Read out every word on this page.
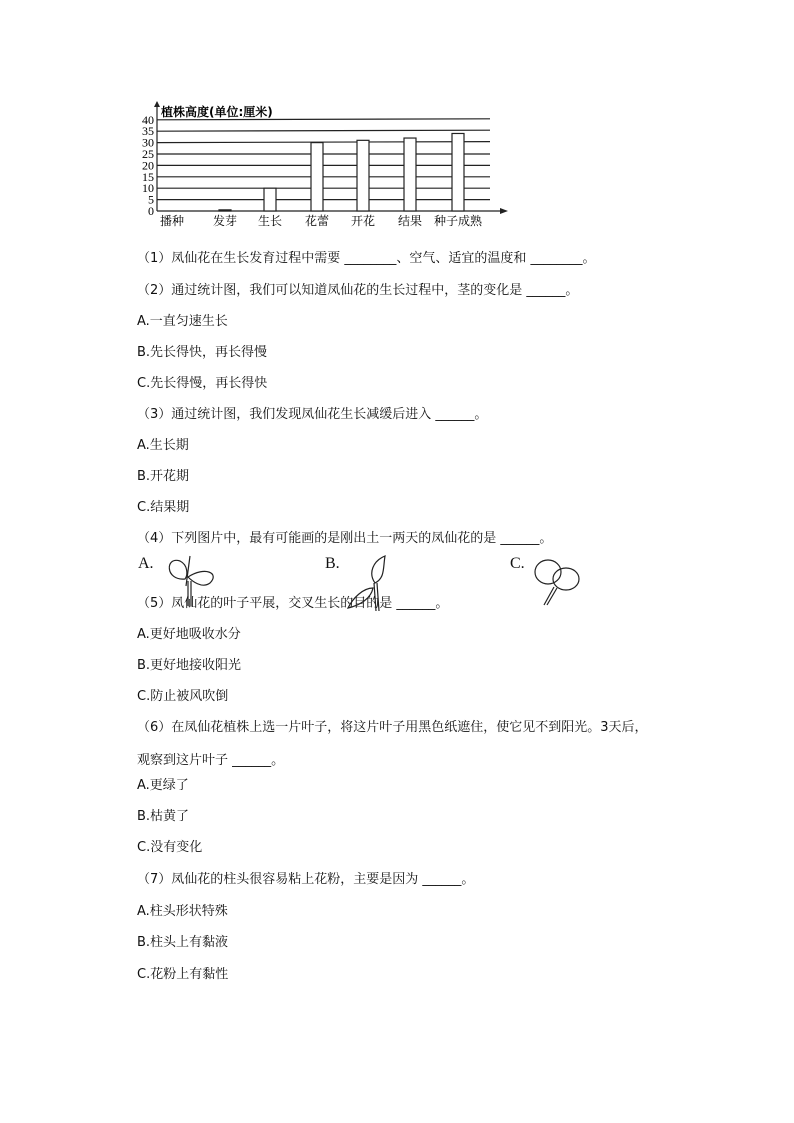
0
5
10
15
20
25
30
35
40
植株高度(单位:厘米)
播种 发芽 生长 花蕾 开花 结果 种子成熟
（1）凤仙花在生长发育过程中需要 ________、空气、适宜的温度和 ________。
（2）通过统计图，我们可以知道凤仙花的生长过程中，茎的变化是 ______。
A.一直匀速生长
B.先长得快，再长得慢
C.先长得慢，再长得快
（3）通过统计图，我们发现凤仙花生长减缓后进入 ______。
A.生长期
B.开花期
C.结果期
（4）下列图片中，最有可能画的是刚出土一两天的凤仙花的是 ______。
（5）凤仙花的叶子平展，交叉生长的目的是 ______。
A.更好地吸收水分
B.更好地接收阳光
C.防止被风吹倒
（6）在凤仙花植株上选一片叶子，将这片叶子用黑色纸遮住，使它见不到阳光。3天后，
观察到这片叶子 ______。
A.更绿了
B.枯黄了
C.没有变化
（7）凤仙花的柱头很容易粘上花粉，主要是因为 ______。
A.柱头形状特殊
B.柱头上有黏液
C.花粉上有黏性
A.	B.	C.
